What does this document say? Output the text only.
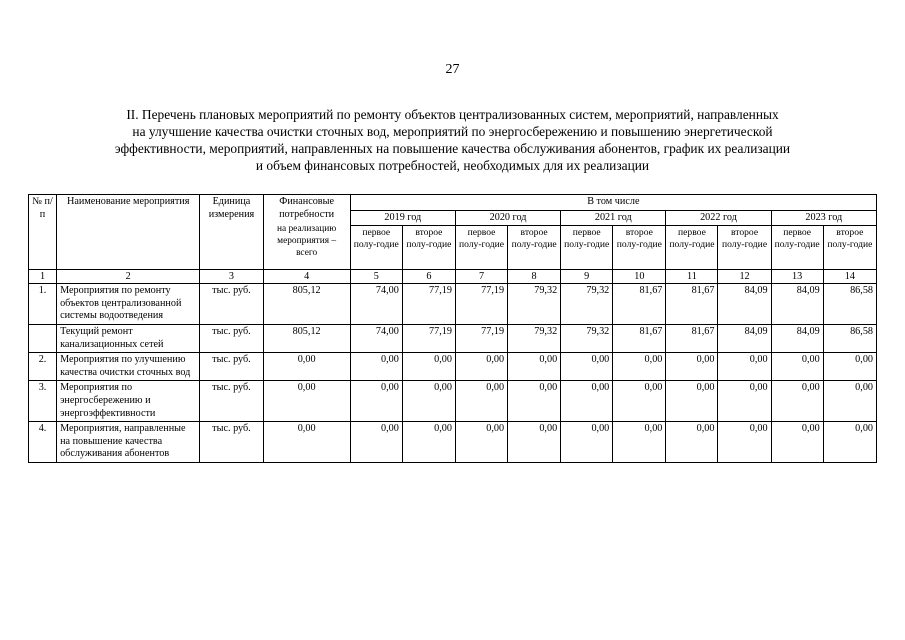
27
II. Перечень плановых мероприятий по ремонту объектов централизованных систем, мероприятий, направленных
на улучшение качества очистки сточных вод, мероприятий по энергосбережению и повышению энергетической
эффективности, мероприятий, направленных на повышение качества обслуживания абонентов, график их реализации
и объем финансовых потребностей, необходимых для их реализации
№ п/п	Наименование мероприятия	Единица измерения	Финансовые потребности
на реализацию мероприятия – всего	В том числе									
				2019 год		2020 год		2021 год		2022 год		2023 год	
				первое полу-годие	второе полу-годие	первое полу-годие	второе полу-годие	первое полу-годие	второе полу-годие	первое полу-годие	второе полу-годие	первое полу-годие	второе полу-годие
1	2	3	4	5	6	7	8	9	10	11	12	13	14
1.	Мероприятия по ремонту объектов централизованной системы водоотведения	тыс. руб.	805,12	74,00	77,19	77,19	79,32	79,32	81,67	81,67	84,09	84,09	86,58
	Текущий ремонт канализационных сетей	тыс. руб.	805,12	74,00	77,19	77,19	79,32	79,32	81,67	81,67	84,09	84,09	86,58
2.	Мероприятия по улучшению качества очистки сточных вод	тыс. руб.	0,00	0,00	0,00	0,00	0,00	0,00	0,00	0,00	0,00	0,00	0,00
3.	Мероприятия по энергосбережению и энергоэффективности	тыс. руб.	0,00	0,00	0,00	0,00	0,00	0,00	0,00	0,00	0,00	0,00	0,00
4.	Мероприятия, направленные на повышение качества обслуживания абонентов	тыс. руб.	0,00	0,00	0,00	0,00	0,00	0,00	0,00	0,00	0,00	0,00	0,00
